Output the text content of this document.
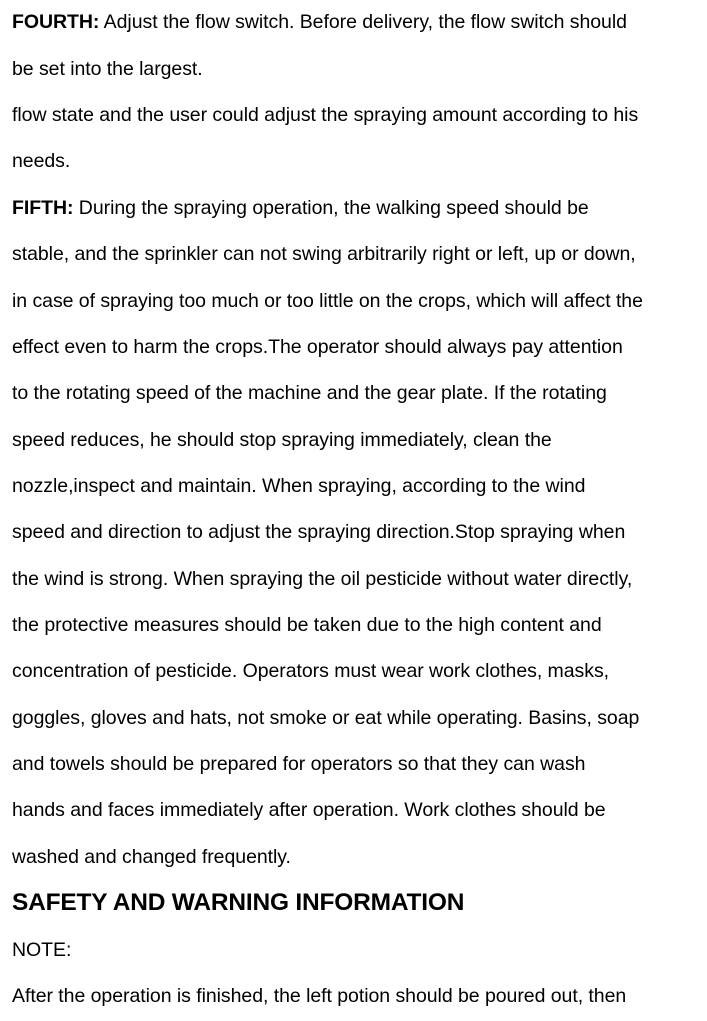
FOURTH: Adjust the flow switch. Before delivery, the flow switch should
be set into the largest.
flow state and the user could adjust the spraying amount according to his
needs.
FIFTH: During the spraying operation, the walking speed should be
stable, and the sprinkler can not swing arbitrarily right or left, up or down,
in case of spraying too much or too little on the crops, which will affect the
effect even to harm the crops.The operator should always pay attention
to the rotating speed of the machine and the gear plate. If the rotating
speed reduces, he should stop spraying immediately, clean the
nozzle,inspect and maintain. When spraying, according to the wind
speed and direction to adjust the spraying direction.Stop spraying when
the wind is strong. When spraying the oil pesticide without water directly,
the protective measures should be taken due to the high content and
concentration of pesticide. Operators must wear work clothes, masks,
goggles, gloves and hats, not smoke or eat while operating. Basins, soap
and towels should be prepared for operators so that they can wash
hands and faces immediately after operation. Work clothes should be
washed and changed frequently.
SAFETY AND WARNING INFORMATION
NOTE:
After the operation is finished, the left potion should be poured out, then
